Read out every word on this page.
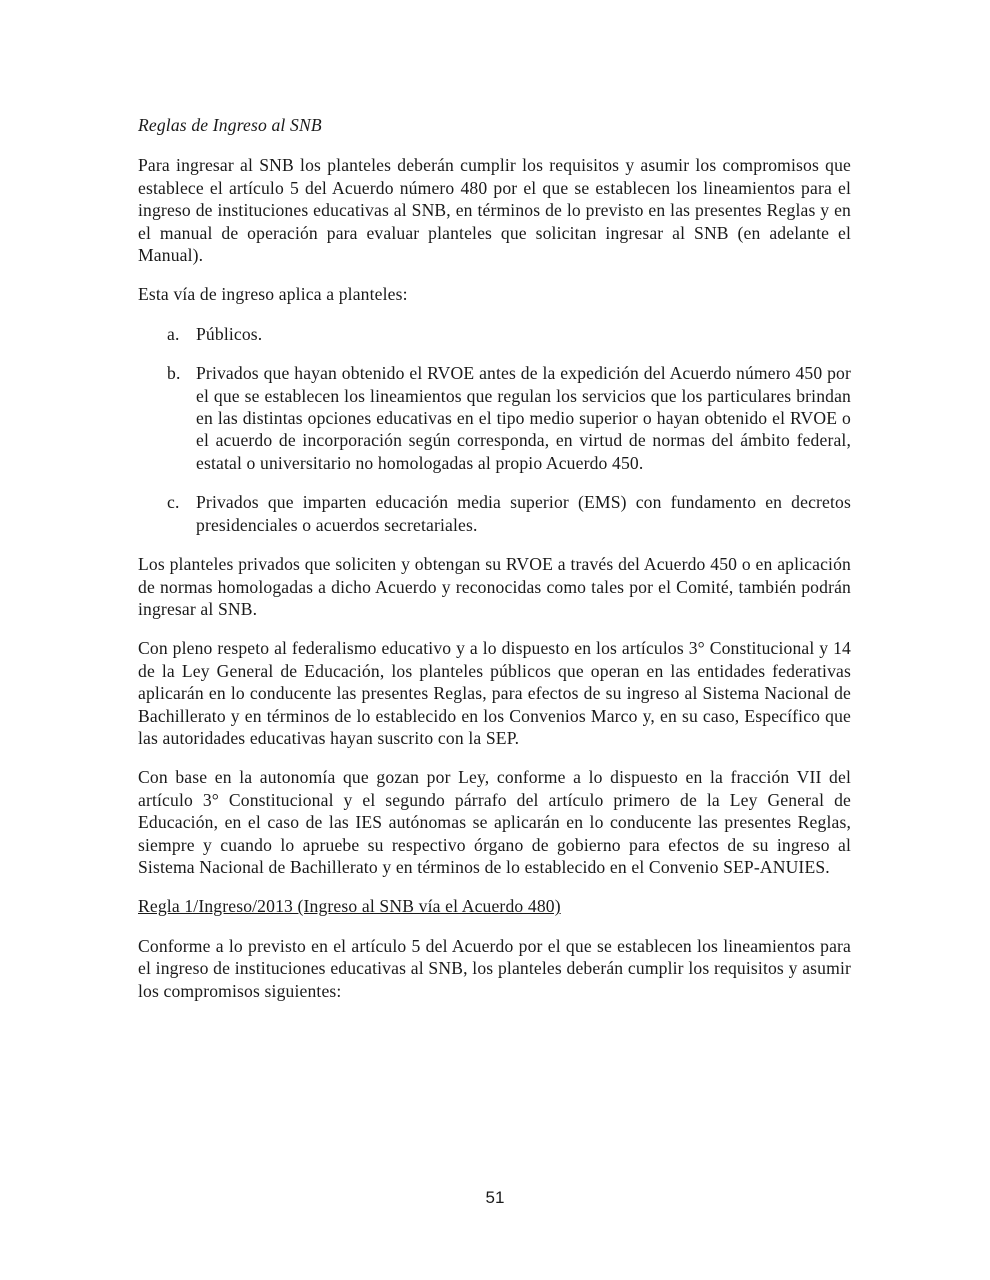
Reglas de Ingreso al SNB

Para ingresar al SNB los planteles deberán cumplir los requisitos y asumir los compromisos que establece el artículo 5 del Acuerdo número 480 por el que se establecen los lineamientos para el ingreso de instituciones educativas al SNB, en términos de lo previsto en las presentes Reglas y en el manual de operación para evaluar planteles que solicitan ingresar al SNB (en adelante el Manual).

Esta vía de ingreso aplica a planteles:

a. Públicos.
b. Privados que hayan obtenido el RVOE antes de la expedición del Acuerdo número 450 por el que se establecen los lineamientos que regulan los servicios que los particulares brindan en las distintas opciones educativas en el tipo medio superior o hayan obtenido el RVOE o el acuerdo de incorporación según corresponda, en virtud de normas del ámbito federal, estatal o universitario no homologadas al propio Acuerdo 450.
c. Privados que imparten educación media superior (EMS) con fundamento en decretos presidenciales o acuerdos secretariales.

Los planteles privados que soliciten y obtengan su RVOE a través del Acuerdo 450 o en aplicación de normas homologadas a dicho Acuerdo y reconocidas como tales por el Comité, también podrán ingresar al SNB.

Con pleno respeto al federalismo educativo y a lo dispuesto en los artículos 3° Constitucional y 14 de la Ley General de Educación, los planteles públicos que operan en las entidades federativas aplicarán en lo conducente las presentes Reglas, para efectos de su ingreso al Sistema Nacional de Bachillerato y en términos de lo establecido en los Convenios Marco y, en su caso, Específico que las autoridades educativas hayan suscrito con la SEP.

Con base en la autonomía que gozan por Ley, conforme a lo dispuesto en la fracción VII del artículo 3° Constitucional y el segundo párrafo del artículo primero de la Ley General de Educación, en el caso de las IES autónomas se aplicarán en lo conducente las presentes Reglas, siempre y cuando lo apruebe su respectivo órgano de gobierno para efectos de su ingreso al Sistema Nacional de Bachillerato y en términos de lo establecido en el Convenio SEP-ANUIES.

Regla 1/Ingreso/2013 (Ingreso al SNB vía el Acuerdo 480)

Conforme a lo previsto en el artículo 5 del Acuerdo por el que se establecen los lineamientos para el ingreso de instituciones educativas al SNB, los planteles deberán cumplir los requisitos y asumir los compromisos siguientes:

51
